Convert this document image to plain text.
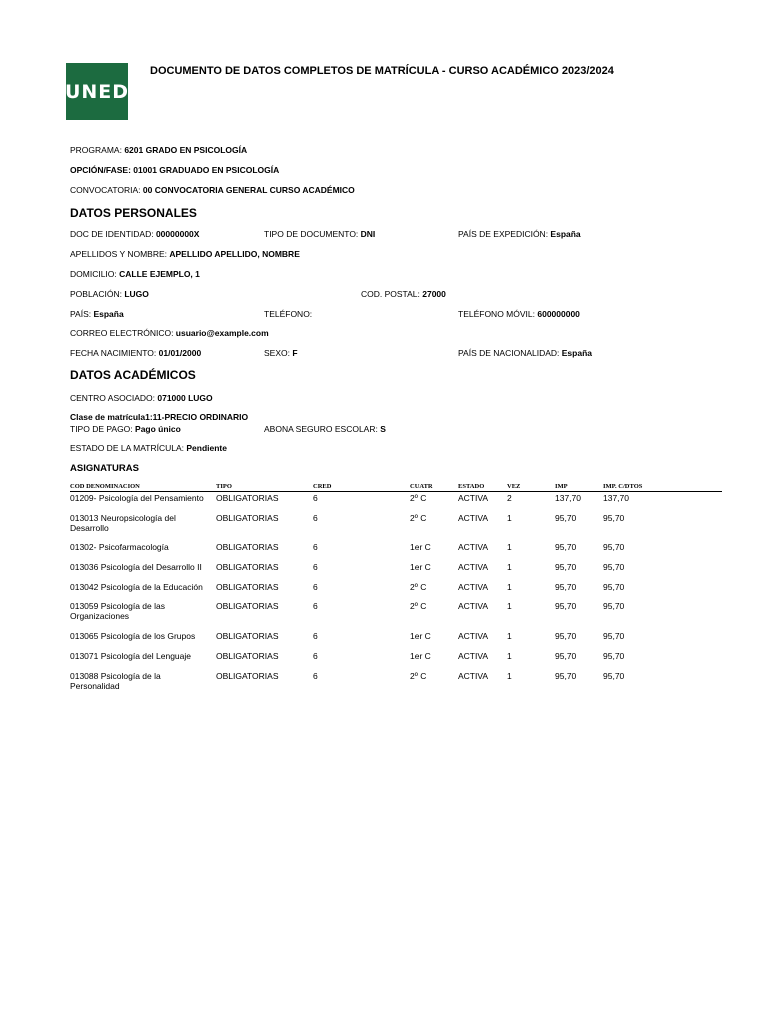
UNED
DOCUMENTO DE DATOS COMPLETOS DE MATRÍCULA - CURSO ACADÉMICO 2023/2024
PROGRAMA: 6201 GRADO EN PSICOLOGÍA
OPCIÓN/FASE: 01001 GRADUADO EN PSICOLOGÍA
CONVOCATORIA: 00 CONVOCATORIA GENERAL CURSO ACADÉMICO
DATOS PERSONALES
DOC DE IDENTIDAD: 00000000X	TIPO DE DOCUMENTO: DNI	PAÍS DE EXPEDICIÓN: España
APELLIDOS Y NOMBRE: APELLIDO APELLIDO, NOMBRE
DOMICILIO: CALLE EJEMPLO, 1
POBLACIÓN: LUGO	COD. POSTAL: 27000
PAÍS: España	TELÉFONO:	TELÉFONO MÓVIL: 600000000
CORREO ELECTRÓNICO: usuario@example.com
FECHA NACIMIENTO: 01/01/2000	SEXO: F	PAÍS DE NACIONALIDAD: España
DATOS ACADÉMICOS
CENTRO ASOCIADO: 071000 LUGO
Clase de matrícula1:11-PRECIO ORDINARIO
TIPO DE PAGO: Pago único	ABONA SEGURO ESCOLAR: S
ESTADO DE LA MATRÍCULA: Pendiente
ASIGNATURAS
COD DENOMINACION	TIPO	CRED	CUATR	ESTADO	VEZ	IMP	IMP. C/DTOS
01209- Psicología del Pensamiento	OBLIGATORIAS	6	2º C	ACTIVA 2	137,70	137,70
013013 Neuropsicología del Desarrollo
OBLIGATORIAS	6	2º C	ACTIVA 1	95,70	95,70
01302- Psicofarmacología	OBLIGATORIAS	6	1er C	ACTIVA 1	95,70	95,70
013036 Psicología del Desarrollo II	OBLIGATORIAS	6	1er C	ACTIVA 1	95,70	95,70
013042 Psicología de la Educación	OBLIGATORIAS	6	2º C	ACTIVA 1	95,70	95,70
013059 Psicología de las Organizaciones
OBLIGATORIAS	6	2º C	ACTIVA 1	95,70	95,70
013065 Psicología de los Grupos	OBLIGATORIAS	6	1er C	ACTIVA 1	95,70	95,70
013071 Psicología del Lenguaje	OBLIGATORIAS	6	1er C	ACTIVA 1	95,70	95,70
013088 Psicología de la Personalidad
OBLIGATORIAS	6	2º C	ACTIVA 1	95,70	95,70
